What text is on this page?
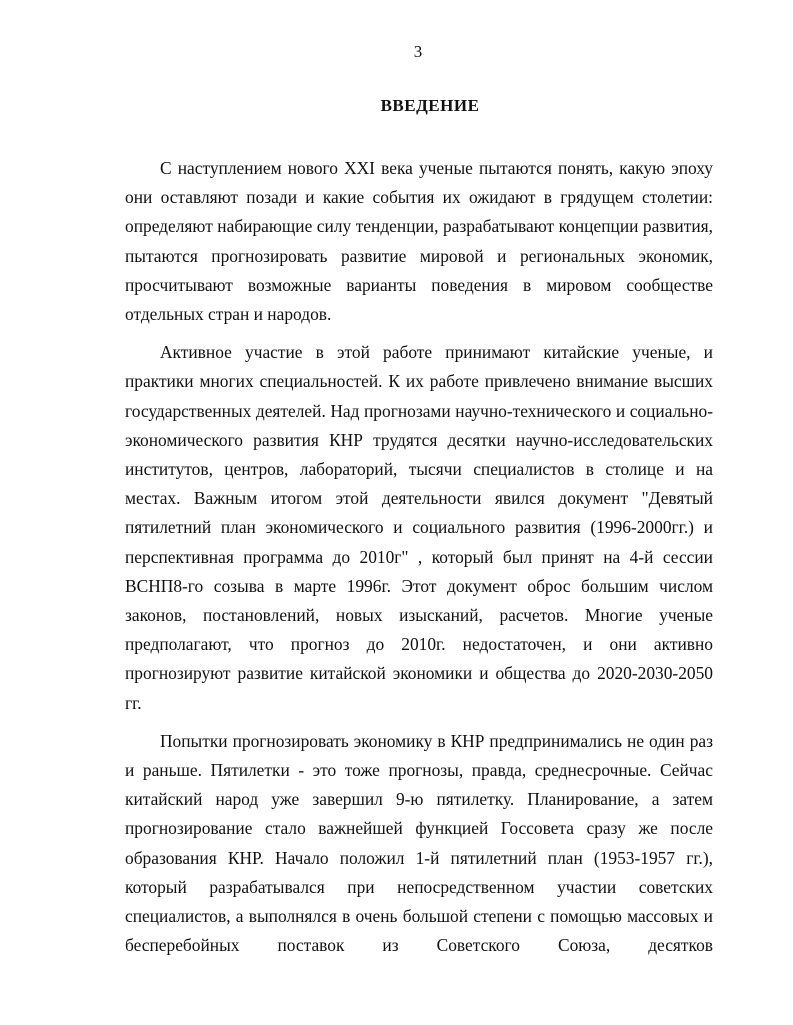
3
ВВЕДЕНИЕ

С наступлением нового XXI века ученые пытаются понять, какую эпоху они оставляют позади и какие события их ожидают в грядущем столетии: определяют набирающие силу тенденции, разрабатывают концепции развития, пытаются прогнозировать развитие мировой и региональных экономик, просчитывают возможные варианты поведения в мировом сообществе отдельных стран и народов.

Активное участие в этой работе принимают китайские ученые, и практики многих специальностей. К их работе привлечено внимание высших государственных деятелей. Над прогнозами научно-технического и социально-экономического развития КНР трудятся десятки научно-исследовательских институтов, центров, лабораторий, тысячи специалистов в столице и на местах. Важным итогом этой деятельности явился документ "Девятый пятилетний план экономического и социального развития (1996-2000гг.) и перспективная программа до 2010г" , который был принят на 4-й сессии ВСНП8-го созыва в марте 1996г. Этот документ оброс большим числом законов, постановлений, новых изысканий, расчетов. Многие ученые предполагают, что прогноз до 2010г. недостаточен, и они активно прогнозируют развитие китайской экономики и общества до 2020-2030-2050 гг.

Попытки прогнозировать экономику в КНР предпринимались не один раз и раньше. Пятилетки - это тоже прогнозы, правда, среднесрочные. Сейчас китайский народ уже завершил 9-ю пятилетку. Планирование, а затем прогнозирование стало важнейшей функцией Госсовета сразу же после образования КНР. Начало положил 1-й пятилетний план (1953-1957 гг.), который разрабатывался при непосредственном участии советских специалистов, а выполнялся в очень большой степени с помощью массовых и бесперебойных поставок из Советского Союза, десятков
